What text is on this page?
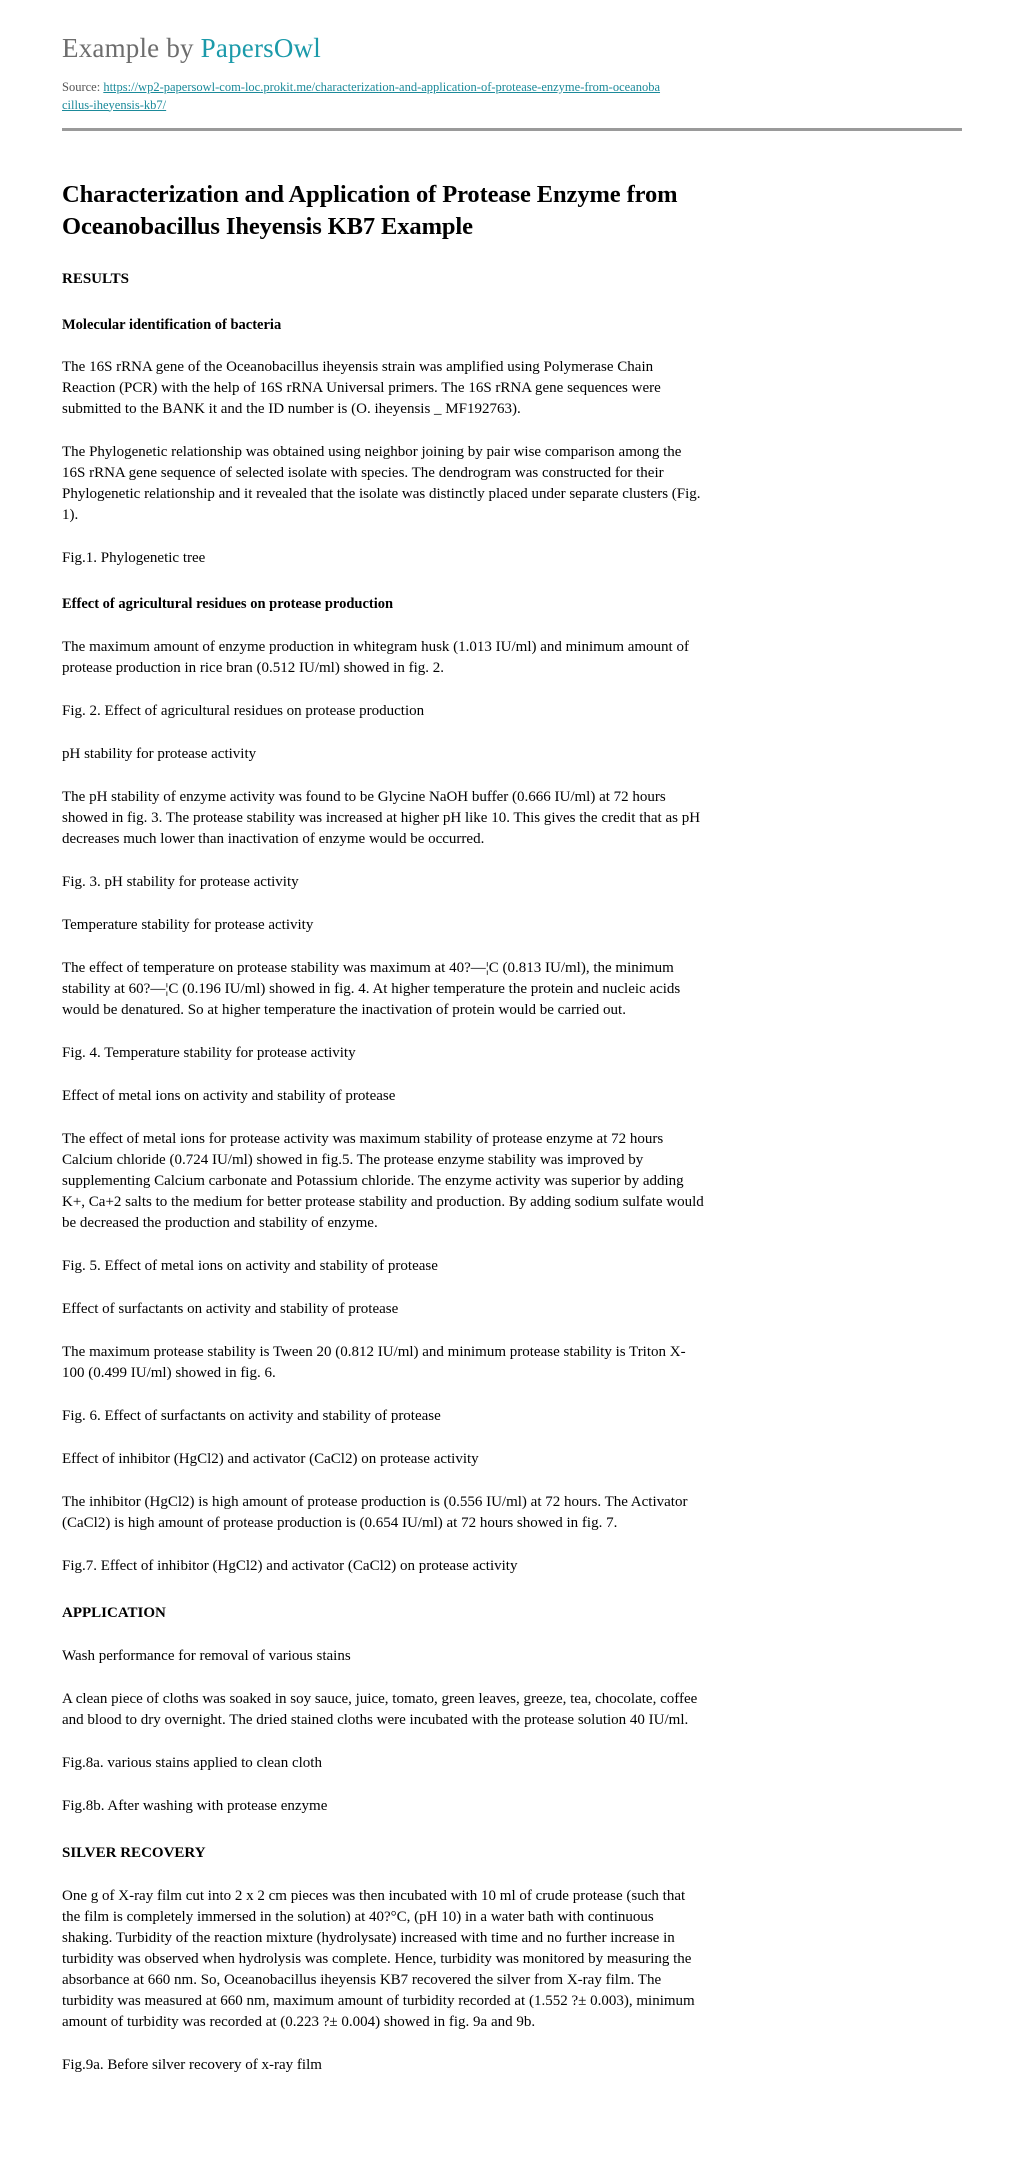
Example by PapersOwl
Source: https://wp2-papersowl-com-loc.prokit.me/characterization-and-application-of-protease-enzyme-from-oceanobacillus-iheyensis-kb7/
Characterization and Application of Protease Enzyme from Oceanobacillus Iheyensis KB7 Example
RESULTS
Molecular identification of bacteria

The 16S rRNA gene of the Oceanobacillus iheyensis strain was amplified using Polymerase Chain Reaction (PCR) with the help of 16S rRNA Universal primers. The 16S rRNA gene sequences were submitted to the BANK it and the ID number is (O. iheyensis _ MF192763).

The Phylogenetic relationship was obtained using neighbor joining by pair wise comparison among the 16S rRNA gene sequence of selected isolate with species. The dendrogram was constructed for their Phylogenetic relationship and it revealed that the isolate was distinctly placed under separate clusters (Fig. 1).

Fig.1. Phylogenetic tree

Effect of agricultural residues on protease production

The maximum amount of enzyme production in whitegram husk (1.013 IU/ml) and minimum amount of protease production in rice bran (0.512 IU/ml) showed in fig. 2.

Fig. 2. Effect of agricultural residues on protease production

pH stability for protease activity

The pH stability of enzyme activity was found to be Glycine NaOH buffer (0.666 IU/ml) at 72 hours showed in fig. 3. The protease stability was increased at higher pH like 10. This gives the credit that as pH decreases much lower than inactivation of enzyme would be occurred.

Fig. 3. pH stability for protease activity

Temperature stability for protease activity

The effect of temperature on protease stability was maximum at 40?—¦C (0.813 IU/ml), the minimum stability at 60?—¦C (0.196 IU/ml) showed in fig. 4. At higher temperature the protein and nucleic acids would be denatured. So at higher temperature the inactivation of protein would be carried out.

Fig. 4. Temperature stability for protease activity

Effect of metal ions on activity and stability of protease

The effect of metal ions for protease activity was maximum stability of protease enzyme at 72 hours Calcium chloride (0.724 IU/ml) showed in fig.5. The protease enzyme stability was improved by supplementing Calcium carbonate and Potassium chloride. The enzyme activity was superior by adding K+, Ca+2 salts to the medium for better protease stability and production. By adding sodium sulfate would be decreased the production and stability of enzyme.

Fig. 5. Effect of metal ions on activity and stability of protease

Effect of surfactants on activity and stability of protease

The maximum protease stability is Tween 20 (0.812 IU/ml) and minimum protease stability is Triton X-100 (0.499 IU/ml) showed in fig. 6.

Fig. 6. Effect of surfactants on activity and stability of protease

Effect of inhibitor (HgCl2) and activator (CaCl2) on protease activity

The inhibitor (HgCl2) is high amount of protease production is (0.556 IU/ml) at 72 hours. The Activator (CaCl2) is high amount of protease production is (0.654 IU/ml) at 72 hours showed in fig. 7.

Fig.7. Effect of inhibitor (HgCl2) and activator (CaCl2) on protease activity

APPLICATION

Wash performance for removal of various stains

A clean piece of cloths was soaked in soy sauce, juice, tomato, green leaves, greeze, tea, chocolate, coffee and blood to dry overnight. The dried stained cloths were incubated with the protease solution 40 IU/ml.

Fig.8a. various stains applied to clean cloth

Fig.8b. After washing with protease enzyme

SILVER RECOVERY

One g of X-ray film cut into 2 x 2 cm pieces was then incubated with 10 ml of crude protease (such that the film is completely immersed in the solution) at 40?°C, (pH 10) in a water bath with continuous shaking. Turbidity of the reaction mixture (hydrolysate) increased with time and no further increase in turbidity was observed when hydrolysis was complete. Hence, turbidity was monitored by measuring the absorbance at 660 nm. So, Oceanobacillus iheyensis KB7 recovered the silver from X-ray film. The turbidity was measured at 660 nm, maximum amount of turbidity recorded at (1.552 ?± 0.003), minimum amount of turbidity was recorded at (0.223 ?± 0.004) showed in fig. 9a and 9b.

Fig.9a. Before silver recovery of x-ray film
